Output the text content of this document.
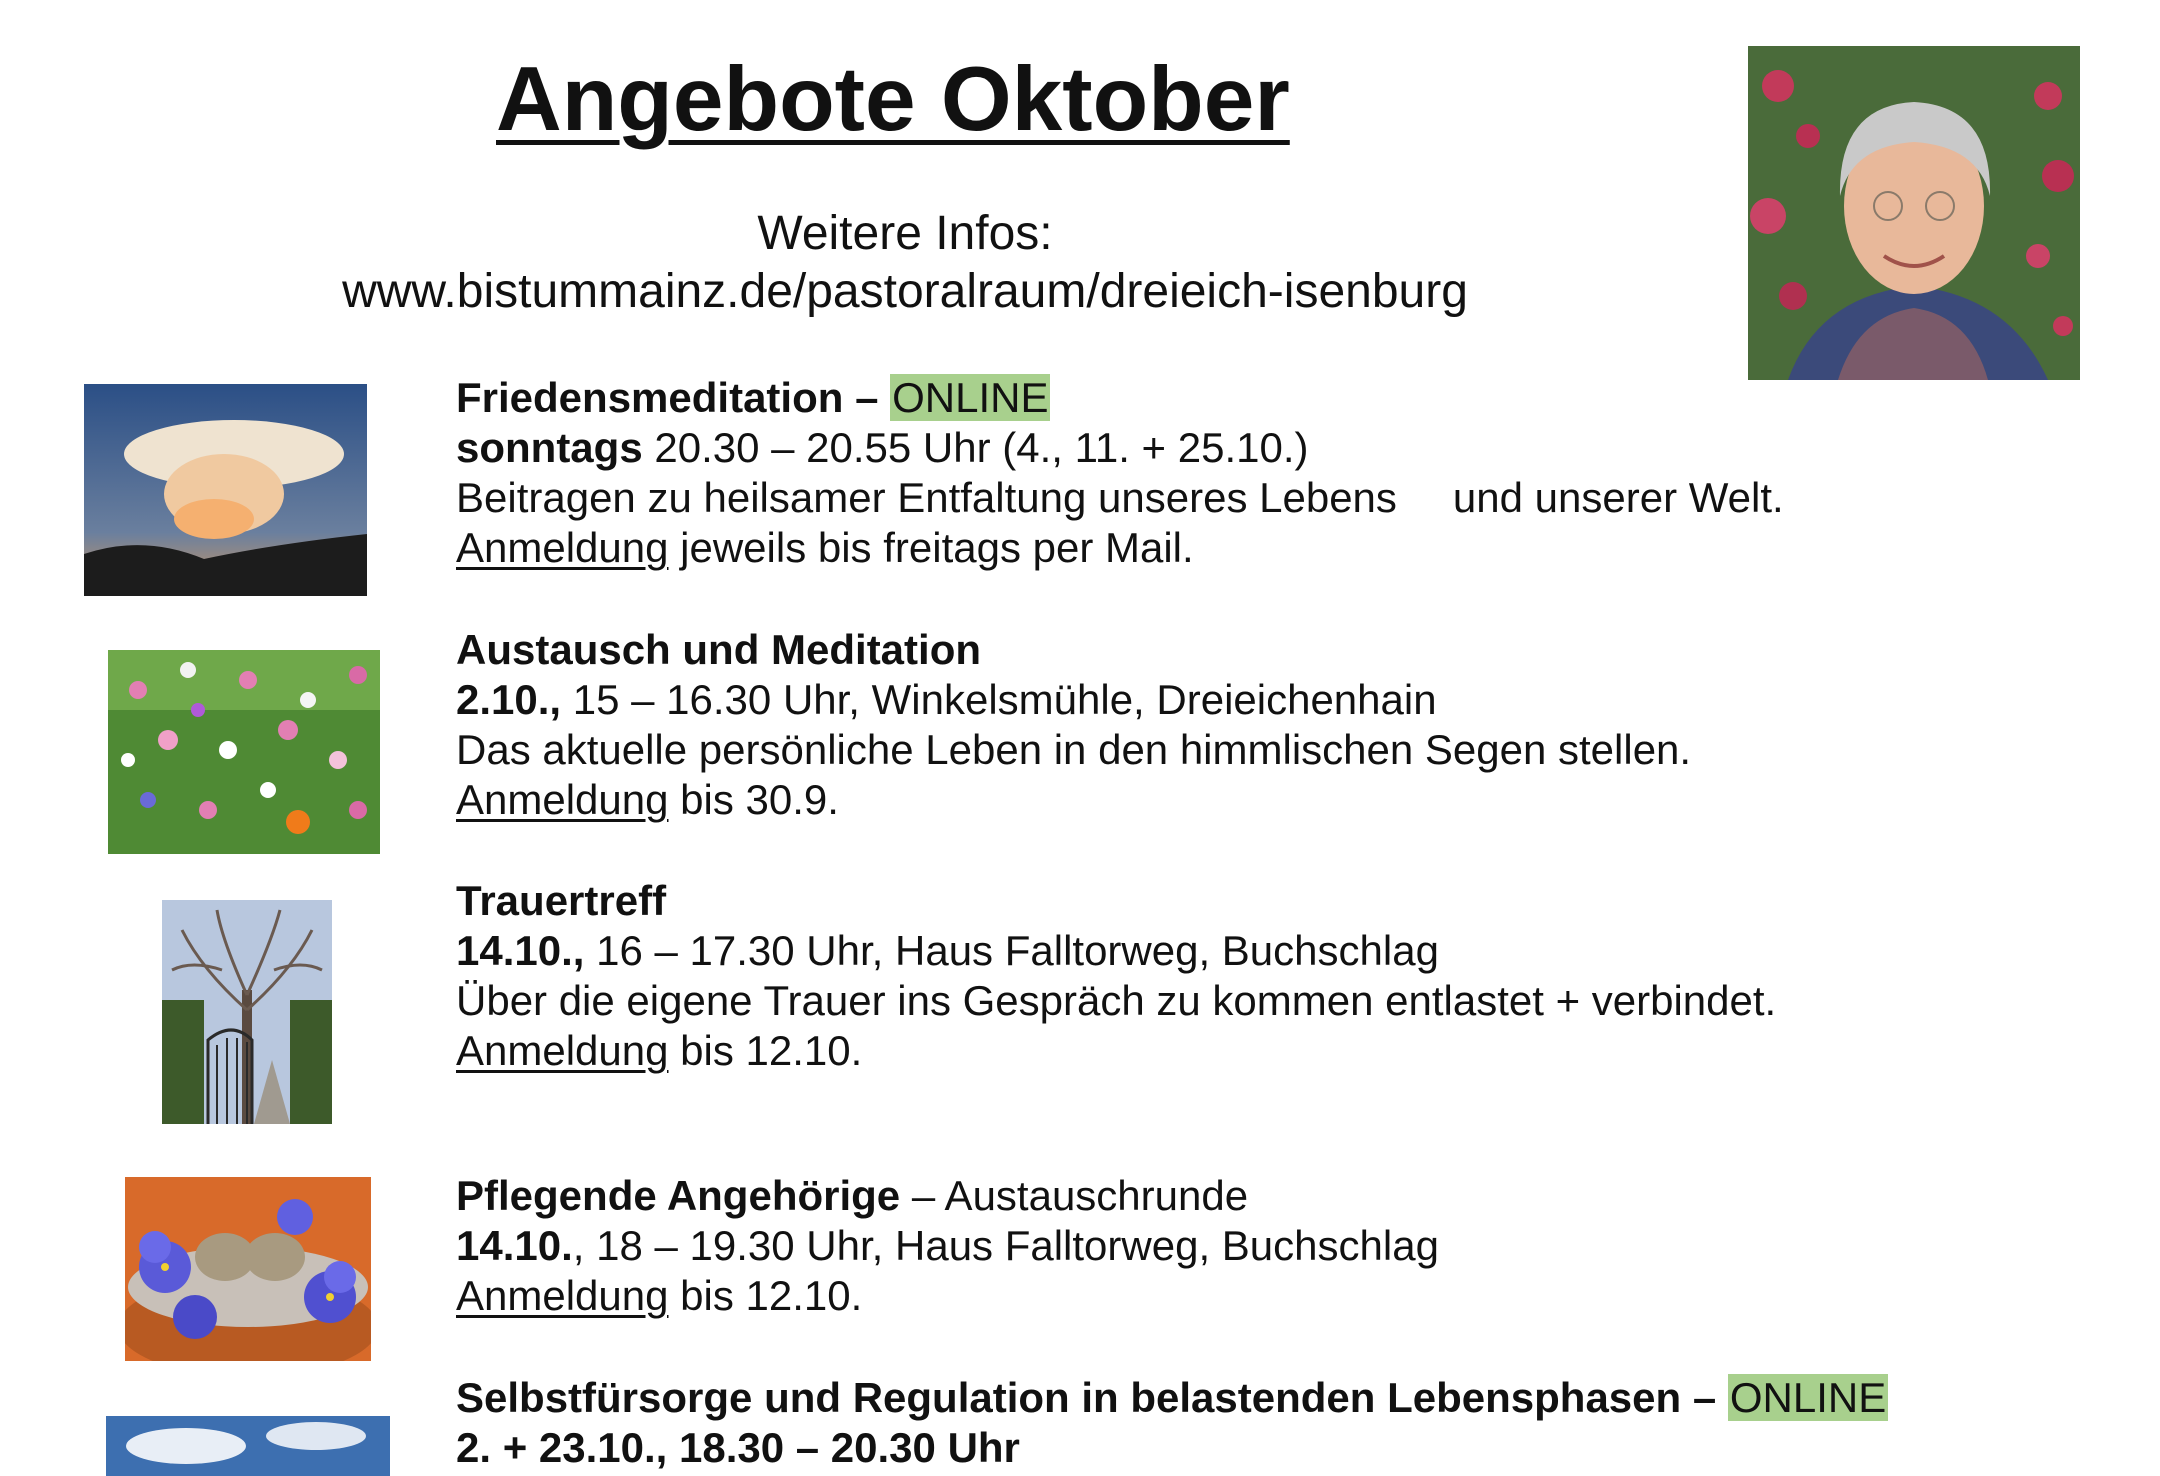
Angebote Oktober
Weitere Infos:
www.bistummainz.de/pastoralraum/dreieich-isenburg
Friedensmeditation – ONLINE
sonntags 20.30 – 20.55 Uhr (4., 11. + 25.10.)
Beitragen zu heilsamer Entfaltung unseres Lebens und unserer Welt.
Anmeldung jeweils bis freitags per Mail.
Austausch und Meditation
2.10., 15 – 16.30 Uhr, Winkelsmühle, Dreieichenhain
Das aktuelle persönliche Leben in den himmlischen Segen stellen.
Anmeldung bis 30.9.
Trauertreff
14.10., 16 – 17.30 Uhr, Haus Falltorweg, Buchschlag
Über die eigene Trauer ins Gespräch zu kommen entlastet + verbindet.
Anmeldung bis 12.10.
Pflegende Angehörige – Austauschrunde
14.10., 18 – 19.30 Uhr, Haus Falltorweg, Buchschlag
Anmeldung bis 12.10.
Selbstfürsorge und Regulation in belastenden Lebensphasen – ONLINE
2. + 23.10., 18.30 – 20.30 Uhr
